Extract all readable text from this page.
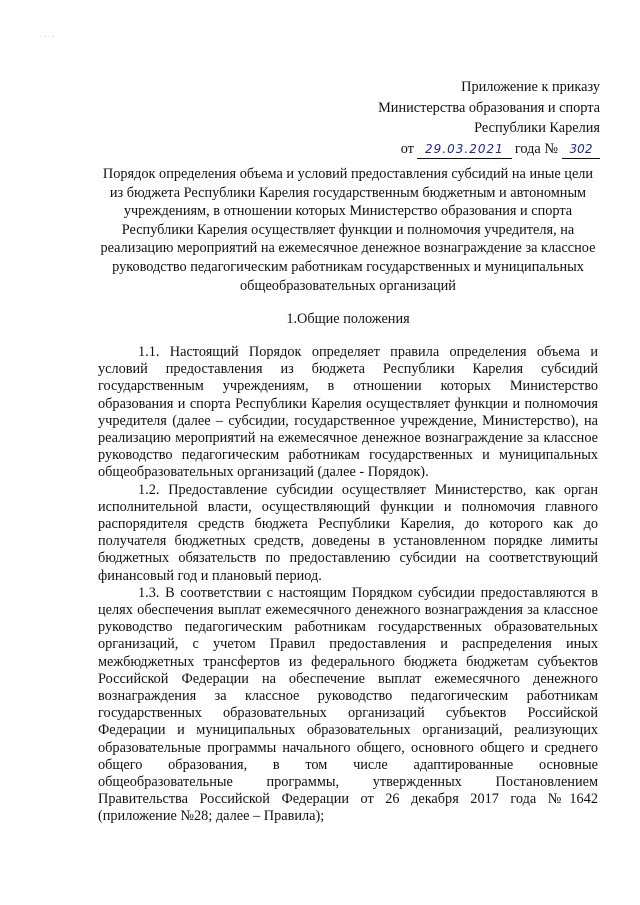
· ·
Приложение к приказу
Министерства образования и спорта
Республики Карелия
от 29.03.2021 года № 302
Порядок определения объема и условий предоставления субсидий на иные цели из бюджета Республики Карелия государственным бюджетным и автономным учреждениям, в отношении которых Министерство образования и спорта Республики Карелия осуществляет функции и полномочия учредителя, на реализацию мероприятий на ежемесячное денежное вознаграждение за классное руководство педагогическим работникам государственных и муниципальных общеобразовательных организаций
1.Общие положения

1.1. Настоящий Порядок определяет правила определения объема и условий предоставления из бюджета Республики Карелия субсидий государственным учреждениям, в отношении которых Министерство образования и спорта Республики Карелия осуществляет функции и полномочия учредителя (далее – субсидии, государственное учреждение, Министерство), на реализацию мероприятий на ежемесячное денежное вознаграждение за классное руководство педагогическим работникам государственных и муниципальных общеобразовательных организаций (далее - Порядок).

1.2. Предоставление субсидии осуществляет Министерство, как орган исполнительной власти, осуществляющий функции и полномочия главного распорядителя средств бюджета Республики Карелия, до которого как до получателя бюджетных средств, доведены в установленном порядке лимиты бюджетных обязательств по предоставлению субсидии на соответствующий финансовый год и плановый период.

1.3. В соответствии с настоящим Порядком субсидии предоставляются в целях обеспечения выплат ежемесячного денежного вознаграждения за классное руководство педагогическим работникам государственных образовательных организаций, с учетом Правил предоставления и распределения иных межбюджетных трансфертов из федерального бюджета бюджетам субъектов Российской Федерации на обеспечение выплат ежемесячного денежного вознаграждения за классное руководство педагогическим работникам государственных образовательных организаций субъектов Российской Федерации и муниципальных образовательных организаций, реализующих образовательные программы начального общего, основного общего и среднего общего образования, в том числе адаптированные основные общеобразовательные программы, утвержденных Постановлением Правительства Российской Федерации от 26 декабря 2017 года №1642 (приложение №28; далее – Правила);
